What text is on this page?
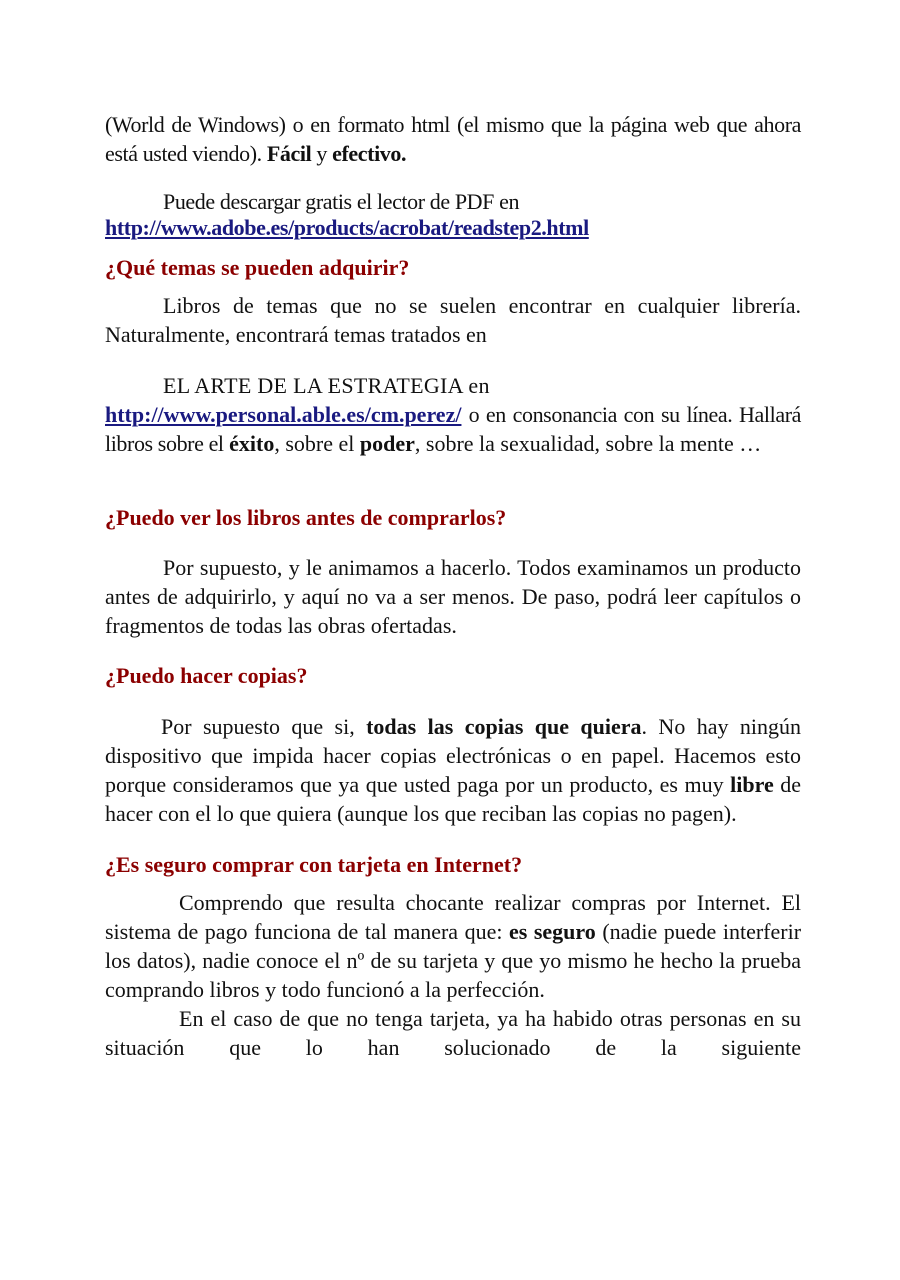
(World de Windows) o en formato html (el mismo que la página web que ahora está usted viendo). Fácil y efectivo.

Puede descargar gratis el lector de PDF en
http://www.adobe.es/products/acrobat/readstep2.html

¿Qué temas se pueden adquirir?

Libros de temas que no se suelen encontrar en cualquier librería. Naturalmente, encontrará temas tratados en

EL ARTE DE LA ESTRATEGIA en
http://www.personal.able.es/cm.perez/ o en consonancia con su línea. Hallará libros sobre el éxito, sobre el poder, sobre la sexualidad, sobre la mente …

¿Puedo ver los libros antes de comprarlos?

Por supuesto, y le animamos a hacerlo. Todos examinamos un producto antes de adquirirlo, y aquí no va a ser menos. De paso, podrá leer capítulos o fragmentos de todas las obras ofertadas.

¿Puedo hacer copias?

Por supuesto que si, todas las copias que quiera. No hay ningún dispositivo que impida hacer copias electrónicas o en papel. Hacemos esto porque consideramos que ya que usted paga por un producto, es muy libre de hacer con el lo que quiera (aunque los que reciban las copias no pagen).

¿Es seguro comprar con tarjeta en Internet?

Comprendo que resulta chocante realizar compras por Internet. El sistema de pago funciona de tal manera que: es seguro (nadie puede interferir los datos), nadie conoce el nº de su tarjeta y que yo mismo he hecho la prueba comprando libros y todo funcionó a la perfección.

En el caso de que no tenga tarjeta, ya ha habido otras personas en su situación que lo han solucionado de la siguiente
